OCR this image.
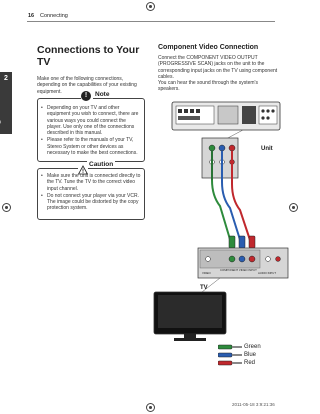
16 Connecting
2
Connections to Your TV
Make one of the following connections, depending on the capabilities of your existing equipment.
!	Note
• Depending on your TV and other equipment you wish to connect, there are various ways you could connect the player. Use only one of the connections described in this manual.
• Please refer to the manuals of your TV, Stereo System or other devices as necessary to make the best connections.
Caution
• Make sure the unit is connected directly to the TV. Tune the TV to the correct video input channel.
• Do not connect your player via your VCR. The image could be distorted by the copy protection system.
Component Video Connection
Connect the COMPONENT VIDEO OUTPUT (PROGRESSIVE SCAN) jacks on the unit to the corresponding input jacks on the TV using component cables.
You can hear the sound through the system's speakers.
Unit
COMPONENT VIDEO INPUT
VIDEO	AUDIO INPUT
TV
Green
Blue
Red
2011-05-18 3:9:21:36
